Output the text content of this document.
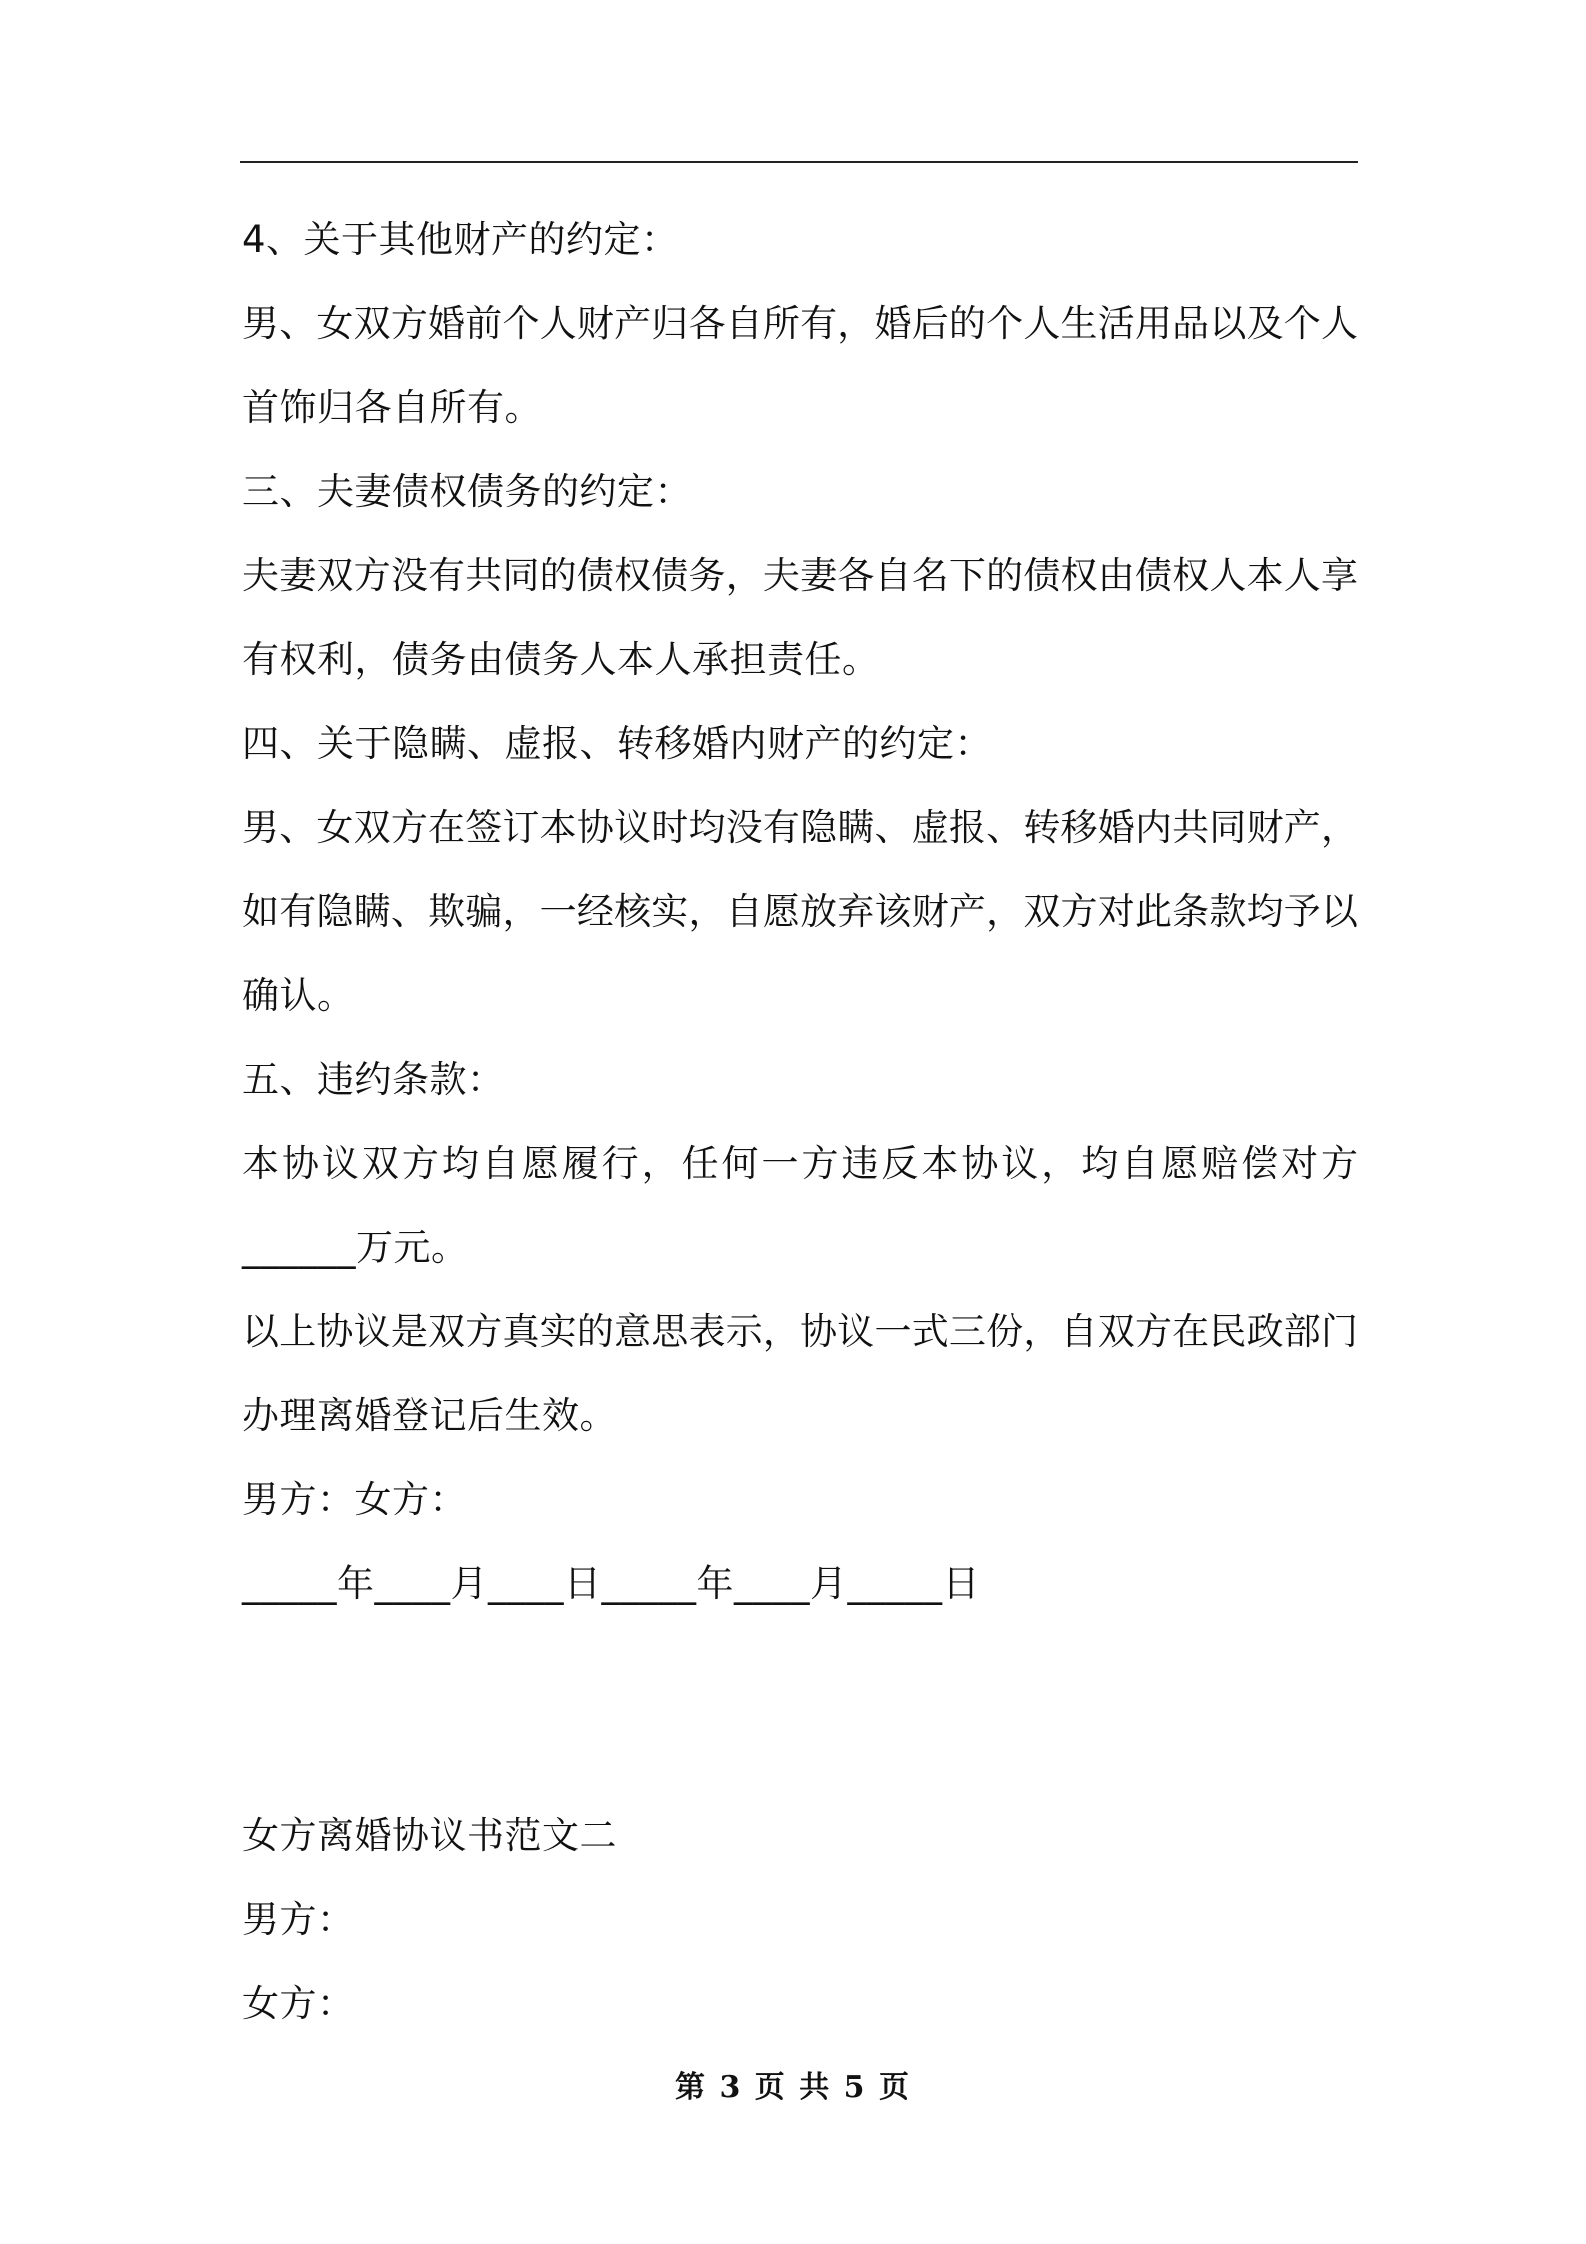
4、关于其他财产的约定：
男、女双方婚前个人财产归各自所有，婚后的个人生活用品以及个人
首饰归各自所有。
三、夫妻债权债务的约定：
夫妻双方没有共同的债权债务，夫妻各自名下的债权由债权人本人享
有权利，债务由债务人本人承担责任。
四、关于隐瞒、虚报、转移婚内财产的约定：
男、女双方在签订本协议时均没有隐瞒、虚报、转移婚内共同财产，
如有隐瞒、欺骗，一经核实，自愿放弃该财产，双方对此条款均予以
确认。
五、违约条款：
本协议双方均自愿履行，任何一方违反本协议，均自愿赔偿对方
______万元。
以上协议是双方真实的意思表示，协议一式三份，自双方在民政部门
办理离婚登记后生效。
男方：女方：
_____年____月____日_____年____月_____日
女方离婚协议书范文二
男方：
女方：
第 3 页 共 5 页
